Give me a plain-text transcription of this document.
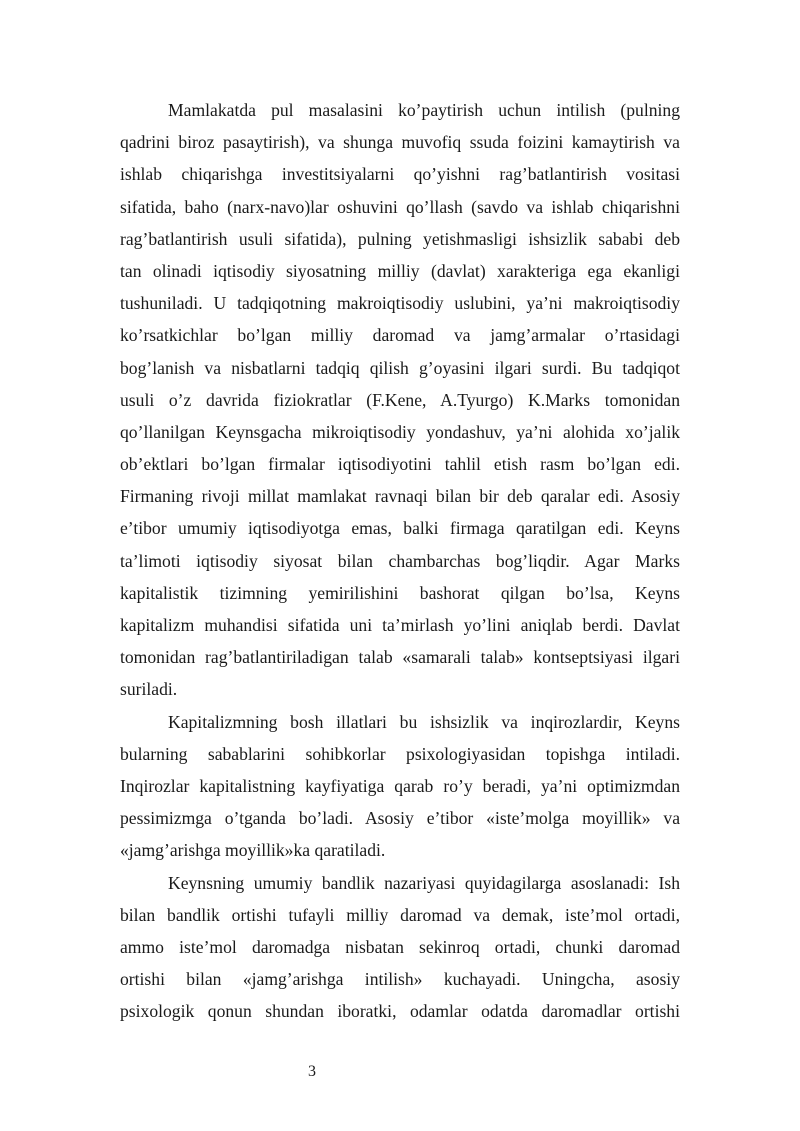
Mamlakatda pul masalasini ko’paytirish uchun intilish (pulning
qadrini biroz pasaytirish), va shunga muvofiq ssuda foizini kamaytirish va
ishlab chiqarishga investitsiyalarni qo’yishni rag’batlantirish vositasi
sifatida, baho (narx-navo)lar oshuvini qo’llash (savdo va ishlab chiqarishni
rag’batlantirish usuli sifatida), pulning yetishmasligi ishsizlik sababi deb
tan olinadi iqtisodiy siyosatning milliy (davlat) xarakteriga ega ekanligi
tushuniladi. U tadqiqotning makroiqtisodiy uslubini, ya’ni makroiqtisodiy
ko’rsatkichlar bo’lgan milliy daromad va jamg’armalar o’rtasidagi
bog’lanish va nisbatlarni tadqiq qilish g’oyasini ilgari surdi. Bu tadqiqot
usuli o’z davrida fiziokratlar (F.Kene, A.Tyurgo) K.Marks tomonidan
qo’llanilgan Keynsgacha mikroiqtisodiy yondashuv, ya’ni alohida xo’jalik
ob’ektlari bo’lgan firmalar iqtisodiyotini tahlil etish rasm bo’lgan edi.
Firmaning rivoji millat mamlakat ravnaqi bilan bir deb qaralar edi. Asosiy
e’tibor umumiy iqtisodiyotga emas, balki firmaga qaratilgan edi. Keyns
ta’limoti iqtisodiy siyosat bilan chambarchas bog’liqdir. Agar Marks
kapitalistik tizimning yemirilishini bashorat qilgan bo’lsa, Keyns
kapitalizm muhandisi sifatida uni ta’mirlash yo’lini aniqlab berdi. Davlat
tomonidan rag’batlantiriladigan talab «samarali talab» kontseptsiyasi ilgari
suriladi.
Kapitalizmning bosh illatlari bu ishsizlik va inqirozlardir, Keyns
bularning sabablarini sohibkorlar psixologiyasidan topishga intiladi.
Inqirozlar kapitalistning kayfiyatiga qarab ro’y beradi, ya’ni optimizmdan
pessimizmga o’tganda bo’ladi. Asosiy e’tibor «iste’molga moyillik» va
«jamg’arishga moyillik»ka qaratiladi.
Keynsning umumiy bandlik nazariyasi quyidagilarga asoslanadi: Ish
bilan bandlik ortishi tufayli milliy daromad va demak, iste’mol ortadi,
ammo iste’mol daromadga nisbatan sekinroq ortadi, chunki daromad
ortishi bilan «jamg’arishga intilish» kuchayadi. Uningcha, asosiy
psixologik qonun shundan iboratki, odamlar odatda daromadlar ortishi
3
